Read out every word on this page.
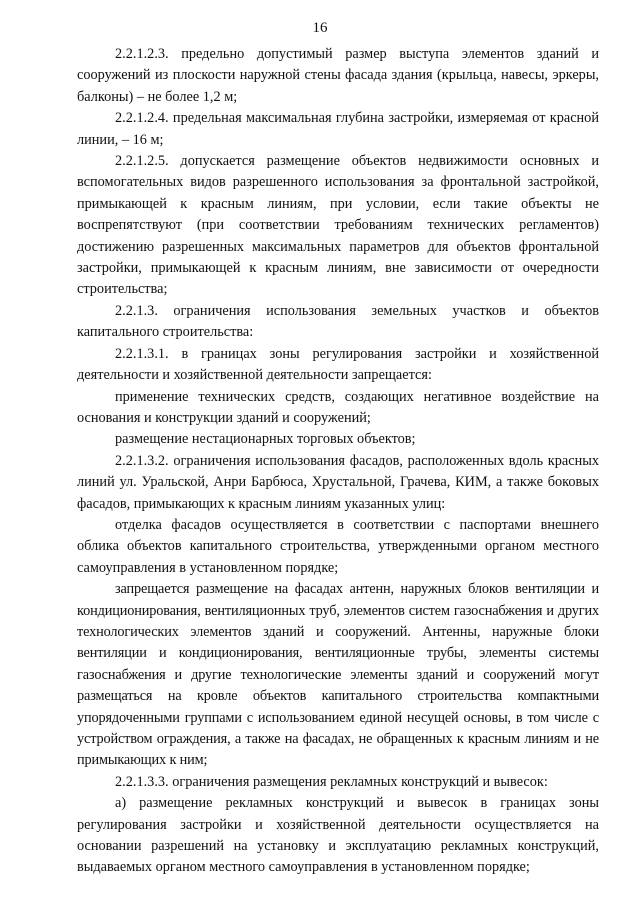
16

2.2.1.2.3. предельно допустимый размер выступа элементов зданий и сооружений из плоскости наружной стены фасада здания (крыльца, навесы, эркеры, балконы) – не более 1,2 м;

2.2.1.2.4. предельная максимальная глубина застройки, измеряемая от красной линии, – 16 м;

2.2.1.2.5. допускается размещение объектов недвижимости основных и вспомогательных видов разрешенного использования за фронтальной застройкой, примыкающей к красным линиям, при условии, если такие объекты не воспрепятствуют (при соответствии требованиям технических регламентов) достижению разрешенных максимальных параметров для объектов фронтальной застройки, примыкающей к красным линиям, вне зависимости от очередности строительства;

2.2.1.3. ограничения использования земельных участков и объектов капитального строительства:

2.2.1.3.1. в границах зоны регулирования застройки и хозяйственной деятельности и хозяйственной деятельности запрещается:

применение технических средств, создающих негативное воздействие на основания и конструкции зданий и сооружений;

размещение нестационарных торговых объектов;

2.2.1.3.2. ограничения использования фасадов, расположенных вдоль красных линий ул. Уральской, Анри Барбюса, Хрустальной, Грачева, КИМ, а также боковых фасадов, примыкающих к красным линиям указанных улиц:

отделка фасадов осуществляется в соответствии с паспортами внешнего облика объектов капитального строительства, утвержденными органом местного самоуправления в установленном порядке;

запрещается размещение на фасадах антенн, наружных блоков вентиляции и кондиционирования, вентиляционных труб, элементов систем газоснабжения и других технологических элементов зданий и сооружений. Антенны, наружные блоки вентиляции и кондиционирования, вентиляционные трубы, элементы системы газоснабжения и другие технологические элементы зданий и сооружений могут размещаться на кровле объектов капитального строительства компактными упорядоченными группами с использованием единой несущей основы, в том числе с устройством ограждения, а также на фасадах, не обращенных к красным линиям и не примыкающих к ним;

2.2.1.3.3. ограничения размещения рекламных конструкций и вывесок:

а) размещение рекламных конструкций и вывесок в границах зоны регулирования застройки и хозяйственной деятельности осуществляется на основании разрешений на установку и эксплуатацию рекламных конструкций, выдаваемых органом местного самоуправления в установленном порядке;
